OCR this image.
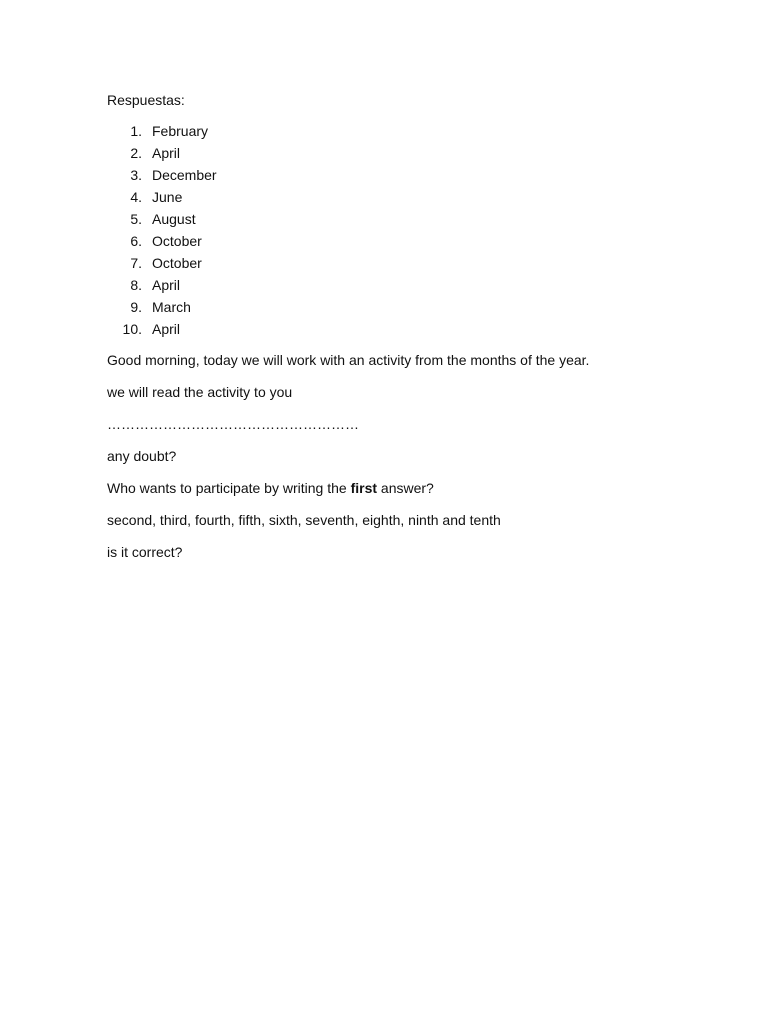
Respuestas:

1. February
2. April
3. December
4. June
5. August
6. October
7. October
8. April
9. March
10. April

Good morning, today we will work with an activity from the months of the year.

we will read the activity to you

………………………………………………

any doubt?

Who wants to participate by writing the first answer?

second, third, fourth, fifth, sixth, seventh, eighth, ninth and tenth

is it correct?
